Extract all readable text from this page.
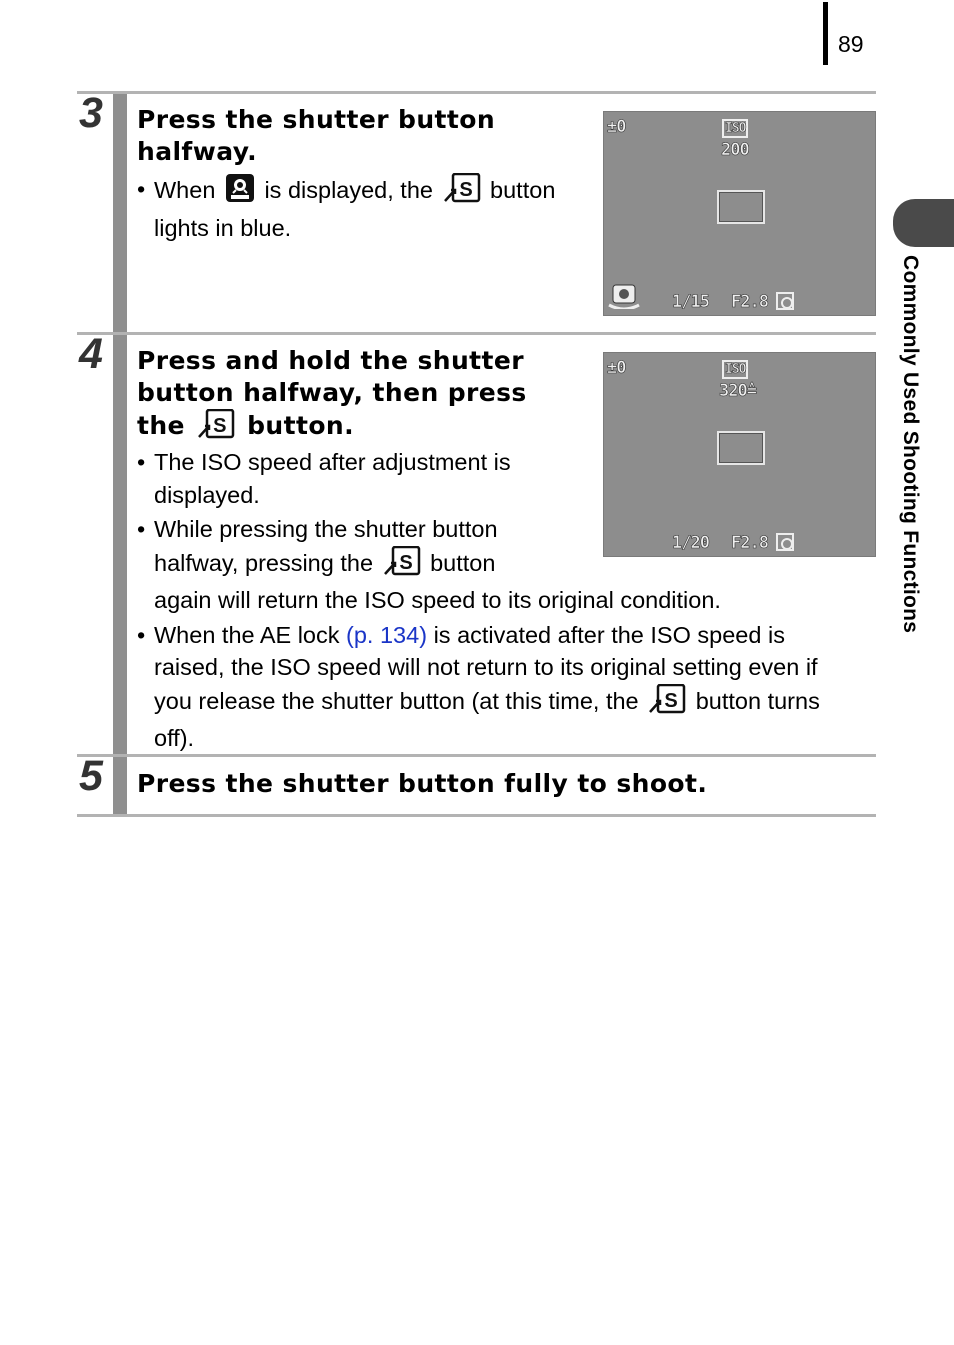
89
Commonly Used Shooting Functions
3 Press the shutter button
halfway.
• When is displayed, the S button
lights in blue.
±0	ISO
200
1/15 F2.8
4 Press and hold the shutter
button halfway, then press
the S button.
• The ISO speed after adjustment is
displayed.
• While pressing the shutter button
halfway, pressing the S button
again will return the ISO speed to its original condition.
• When the AE lock (p. 134) is activated after the ISO speed is
raised, the ISO speed will not return to its original setting even if
you release the shutter button (at this time, the S button turns
off).
±0	ISO
320≙
1/20 F2.8
5 Press the shutter button fully to shoot.
